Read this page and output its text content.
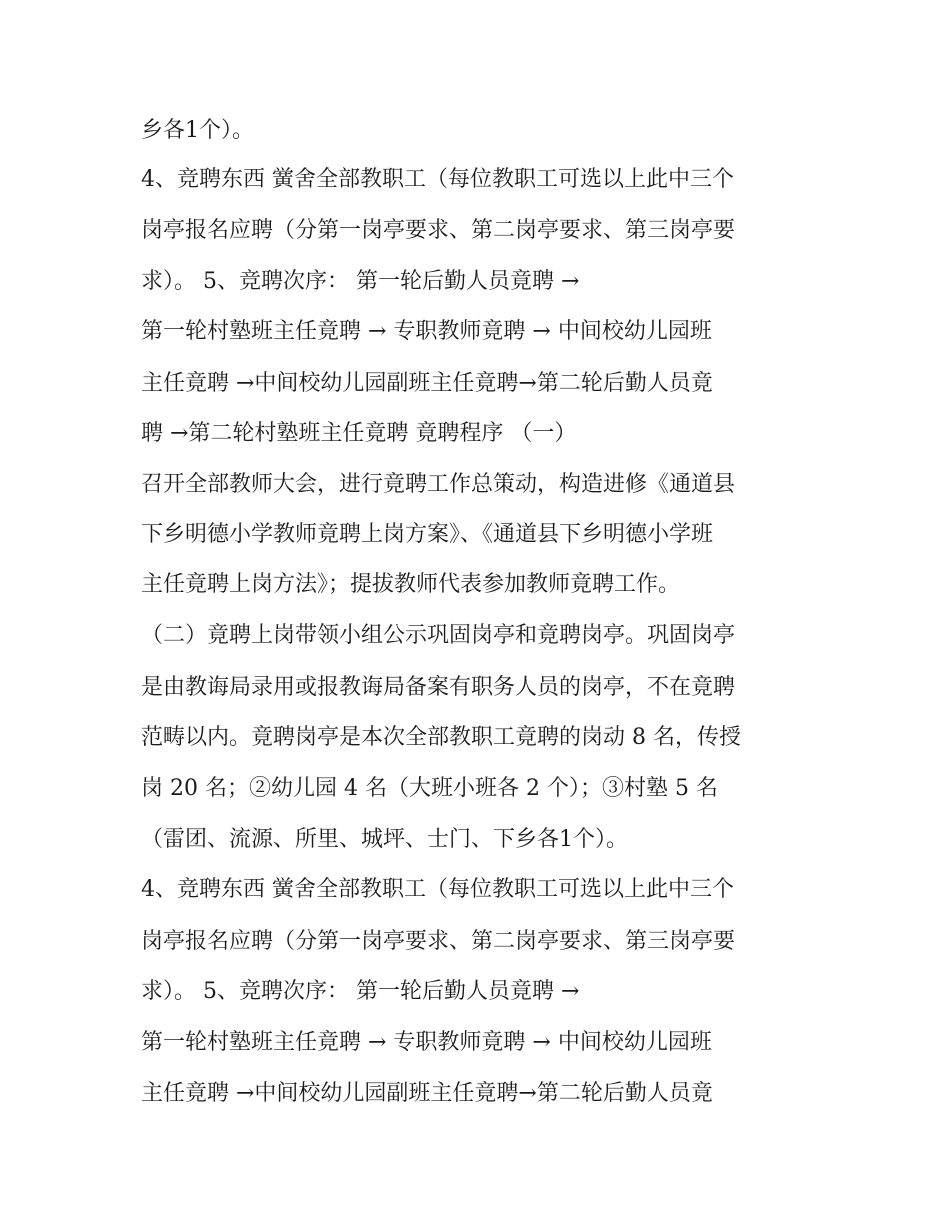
乡各1个）。
4、竞聘东西 黉舍全部教职工（每位教职工可选以上此中三个
岗亭报名应聘（分第一岗亭要求、第二岗亭要求、第三岗亭要
求）。 5、竞聘次序： 第一轮后勤人员竟聘 →
第一轮村塾班主任竟聘 → 专职教师竟聘 → 中间校幼儿园班
主任竟聘 →中间校幼儿园副班主任竟聘→第二轮后勤人员竟
聘 →第二轮村塾班主任竟聘 竟聘程序 （一）
召开全部教师大会，进行竟聘工作总策动，构造进修《通道县
下乡明德小学教师竟聘上岗方案》、《通道县下乡明德小学班
主任竟聘上岗方法》；提拔教师代表参加教师竟聘工作。
（二）竟聘上岗带领小组公示巩固岗亭和竟聘岗亭。巩固岗亭
是由教诲局录用或报教诲局备案有职务人员的岗亭，不在竟聘
范畴以内。竟聘岗亭是本次全部教职工竟聘的岗动 8 名，传授
岗 20 名；②幼儿园 4 名（大班小班各 2 个）；③村塾 5 名
（雷团、流源、所里、城坪、士门、下乡各1个）。
4、竞聘东西 黉舍全部教职工（每位教职工可选以上此中三个
岗亭报名应聘（分第一岗亭要求、第二岗亭要求、第三岗亭要
求）。 5、竞聘次序： 第一轮后勤人员竟聘 →
第一轮村塾班主任竟聘 → 专职教师竟聘 → 中间校幼儿园班
主任竟聘 →中间校幼儿园副班主任竟聘→第二轮后勤人员竟
